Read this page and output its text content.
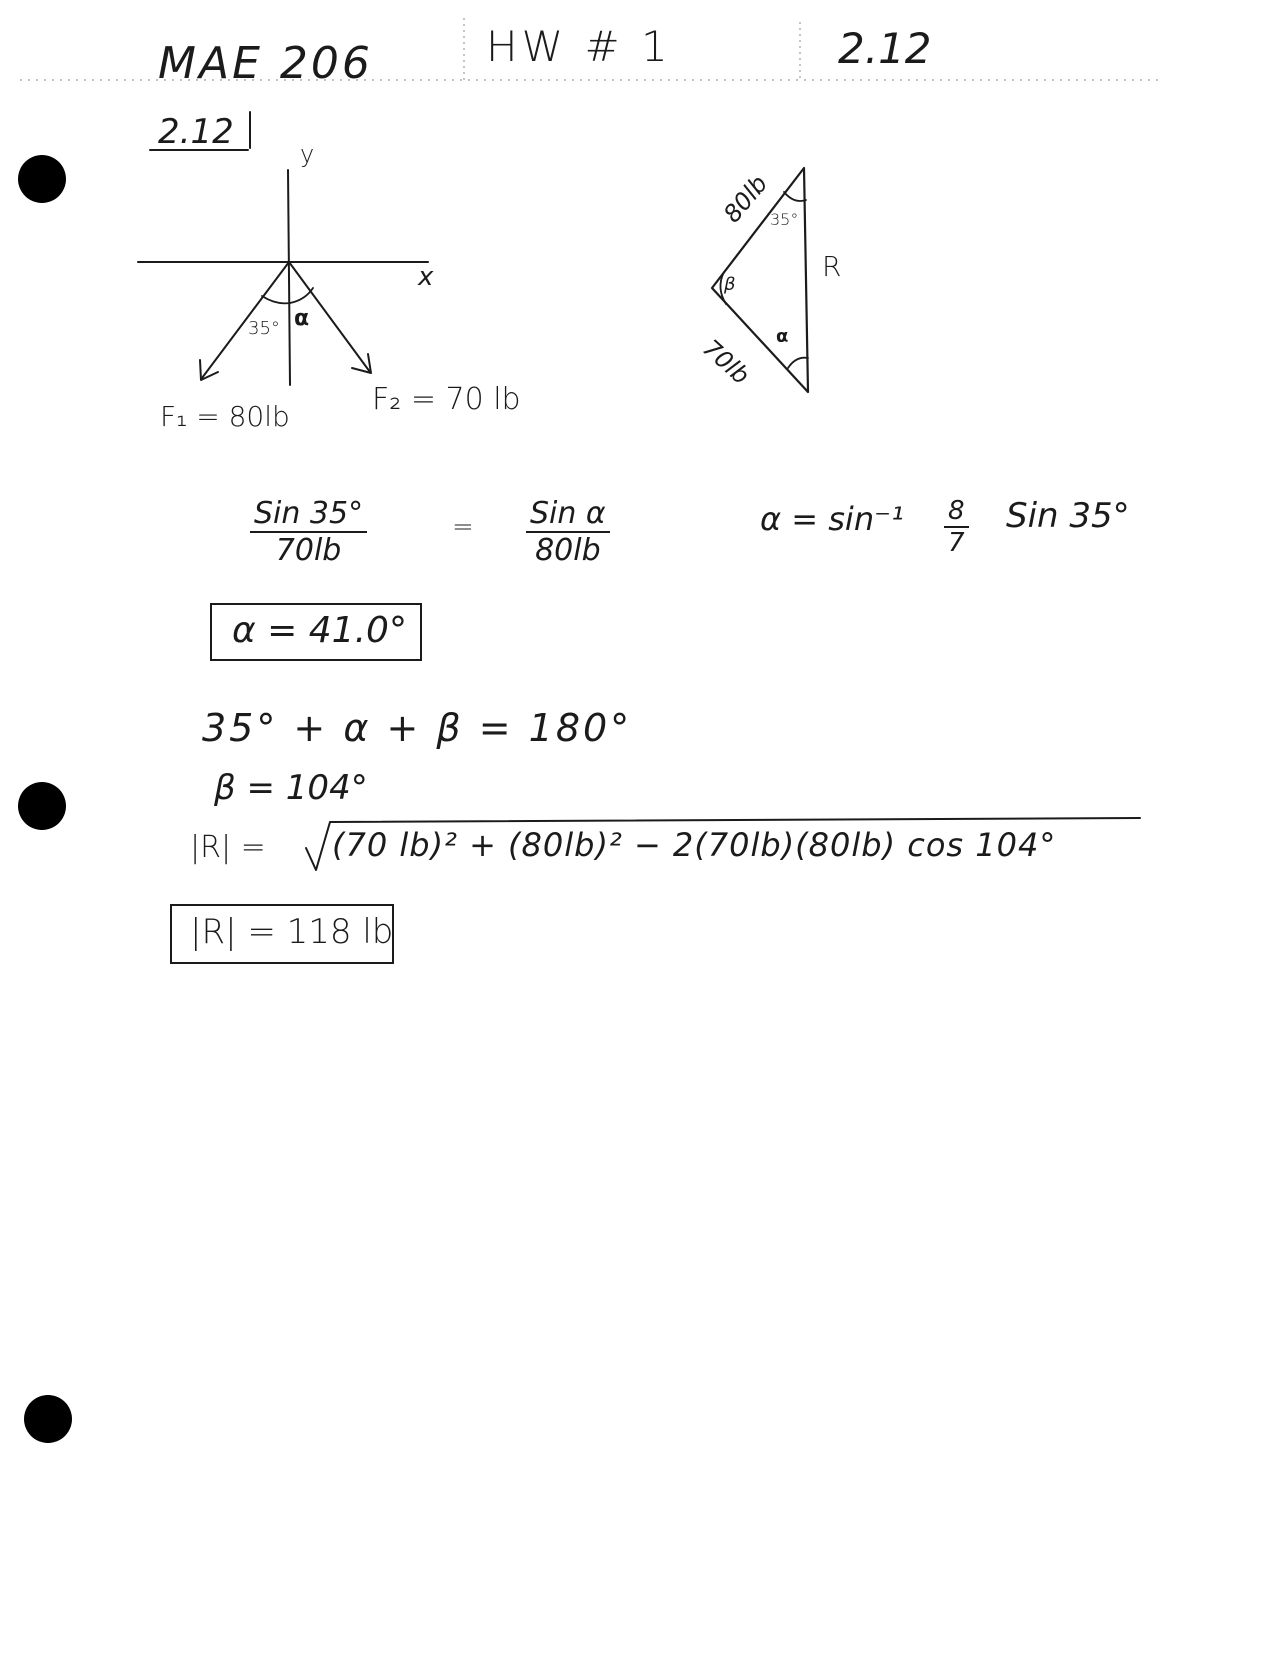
MAE 206	HW # 1	2.12
2.12
y
x
35° α
F₁ = 80lb	F₂ = 70 lb
80lb
35°
R
β
70lb α
Sin 35°
70lb
= Sin α
80lb
$\alpha = \sin^{-1} \frac{8}{7}$ Sin 35°
α = 41.0°
35° + α + β = 180°
β = 104°
|R| = (70 lb)² + (80lb)² − 2(70lb)(80lb) cos 104°
|R| = 118 lb
